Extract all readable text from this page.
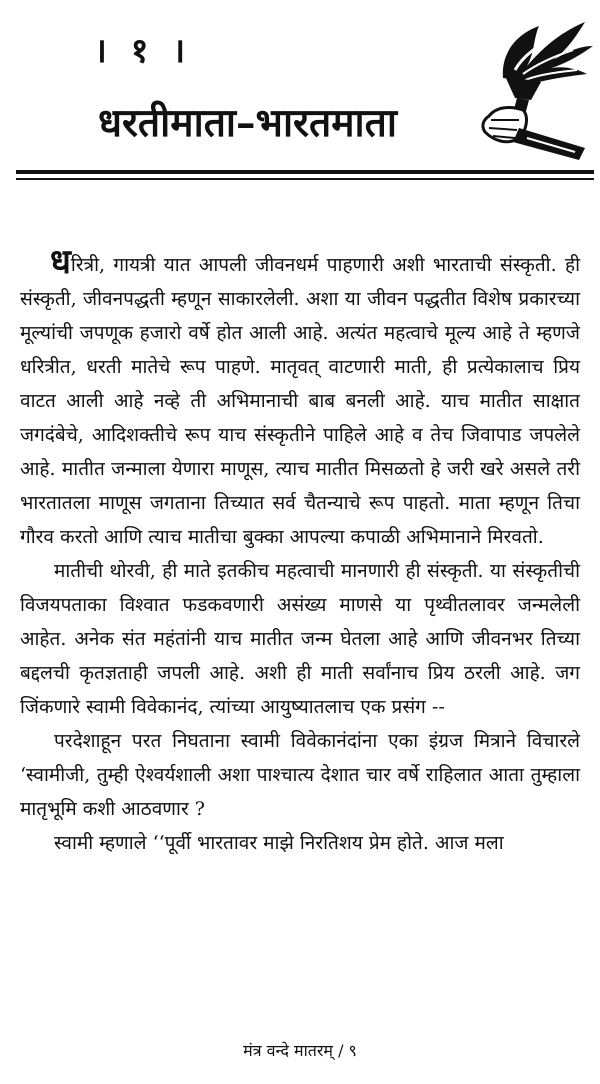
। १ ।
धरतीमाता–भारतमाता

धरित्री, गायत्री यात आपली जीवनधर्म पाहणारी अशी भारताची संस्कृती. ही संस्कृती, जीवनपद्धती म्हणून साकारलेली. अशा या जीवन पद्धतीत विशेष प्रकारच्या मूल्यांची जपणूक हजारो वर्षे होत आली आहे. अत्यंत महत्वाचे मूल्य आहे ते म्हणजे धरित्रीत, धरती मातेचे रूप पाहणे. मातृवत् वाटणारी माती, ही प्रत्येकालाच प्रिय वाटत आली आहे नव्हे ती अभिमानाची बाब बनली आहे. याच मातीत साक्षात जगदंबेचे, आदिशक्तीचे रूप याच संस्कृतीने पाहिले आहे व तेच जिवापाड जपलेले आहे. मातीत जन्माला येणारा माणूस, त्याच मातीत मिसळतो हे जरी खरे असले तरी भारतातला माणूस जगताना तिच्यात सर्व चैतन्याचे रूप पाहतो. माता म्हणून तिचा गौरव करतो आणि त्याच मातीचा बुक्का आपल्या कपाळी अभिमानाने मिरवतो.

मातीची थोरवी, ही माते इतकीच महत्वाची मानणारी ही संस्कृती. या संस्कृतीची विजयपताका विश्वात फडकवणारी असंख्य माणसे या पृथ्वीतलावर जन्मलेली आहेत. अनेक संत महंतांनी याच मातीत जन्म घेतला आहे आणि जीवनभर तिच्या बद्दलची कृतज्ञताही जपली आहे. अशी ही माती सर्वांनाच प्रिय ठरली आहे. जग जिंकणारे स्वामी विवेकानंद, त्यांच्या आयुष्यातलाच एक प्रसंग --

परदेशाहून परत निघताना स्वामी विवेकानंदांना एका इंग्रज मित्राने विचारले ‘स्वामीजी, तुम्ही ऐश्वर्यशाली अशा पाश्चात्य देशात चार वर्षे राहिलात आता तुम्हाला मातृभूमि कशी आठवणार ?

स्वामी म्हणाले ‘‘पूर्वी भारतावर माझे निरतिशय प्रेम होते. आज मला

मंत्र वन्दे मातरम् / ९
